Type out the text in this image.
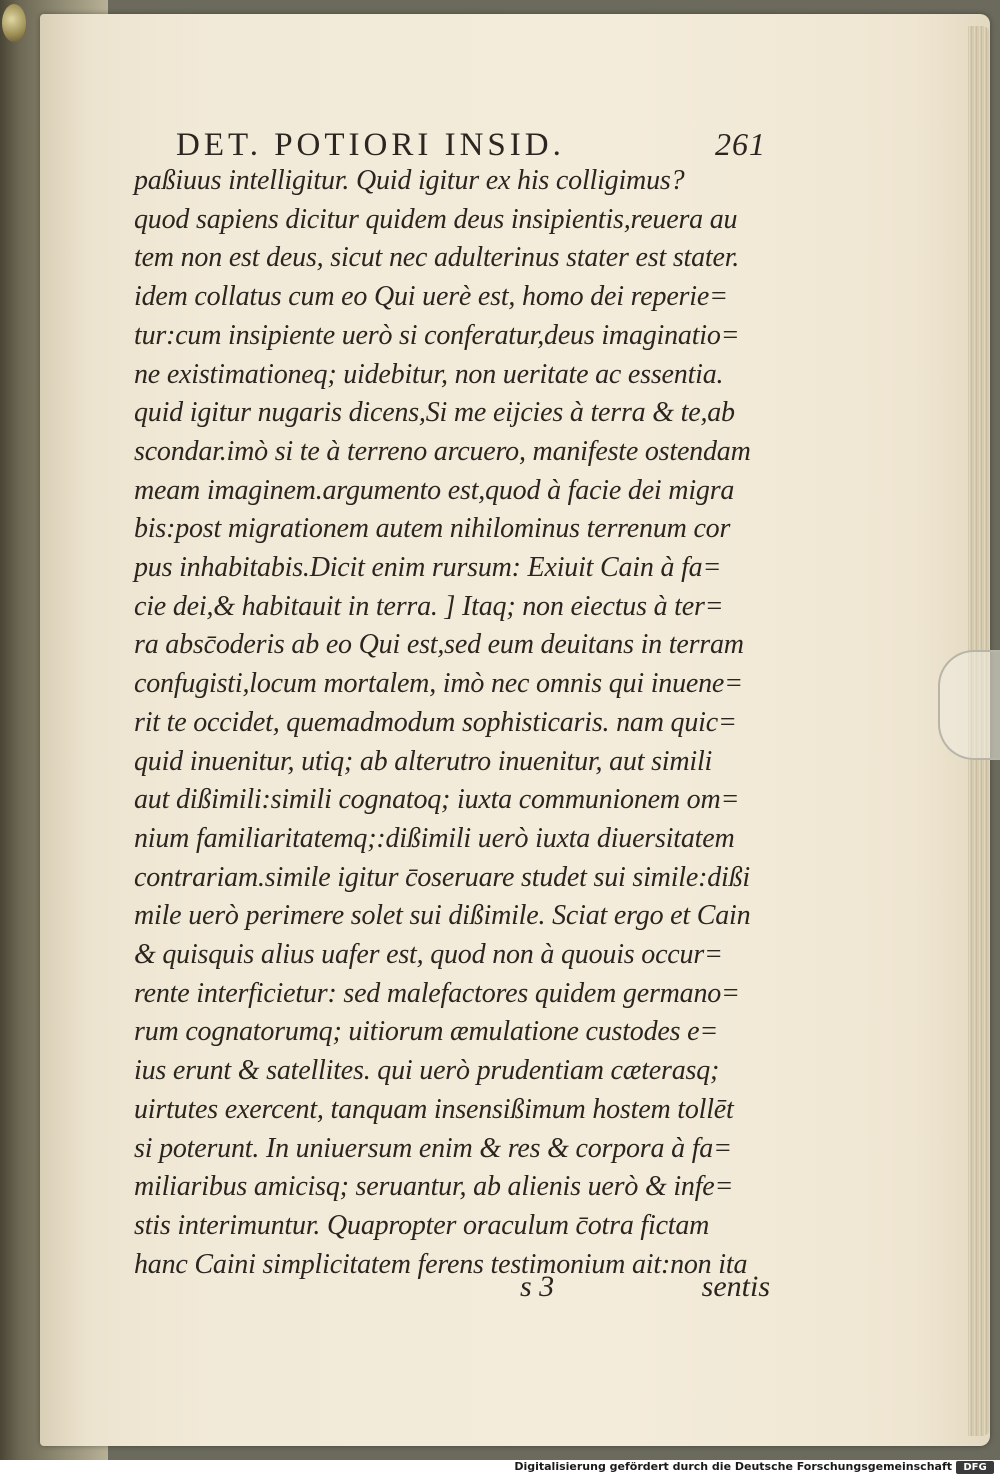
DET. POTIORI INSID.	261
paßiuus intelligitur. Quid igitur ex his colligimus?
quod sapiens dicitur quidem deus insipientis,reuera au
tem non est deus, sicut nec adulterinus stater est stater.
idem collatus cum eo Qui uerè est, homo dei reperie=
tur:cum insipiente uerò si conferatur,deus imaginatio=
ne existimationeq; uidebitur, non ueritate ac essentia.
quid igitur nugaris dicens,Si me eijcies à terra & te,ab
scondar.imò si te à terreno arcuero, manifeste ostendam
meam imaginem.argumento est,quod à facie dei migra
bis:post migrationem autem nihilominus terrenum cor
pus inhabitabis.Dicit enim rursum: Exiuit Cain à fa=
cie dei,& habitauit in terra. ] Itaq; non eiectus à ter=
ra absc̄oderis ab eo Qui est,sed eum deuitans in terram
confugisti,locum mortalem, imò nec omnis qui inuene=
rit te occidet, quemadmodum sophisticaris. nam quic=
quid inuenitur, utiq; ab alterutro inuenitur, aut simili
aut dißimili:simili cognatoq; iuxta communionem om=
nium familiaritatemq;:dißimili uerò iuxta diuersitatem
contrariam.simile igitur c̄oseruare studet sui simile:dißi
mile uerò perimere solet sui dißimile. Sciat ergo et Cain
& quisquis alius uafer est, quod non à quouis occur=
rente interficietur: sed malefactores quidem germano=
rum cognatorumq; uitiorum æmulatione custodes e=
ius erunt & satellites. qui uerò prudentiam cæterasq;
uirtutes exercent, tanquam insensißimum hostem tollēt
si poterunt. In uniuersum enim & res & corpora à fa=
miliaribus amicisq; seruantur, ab alienis uerò & infe=
stis interimuntur. Quapropter oraculum c̄otra fictam
hanc Caini simplicitatem ferens testimonium ait:non ita
s 3	sentis
Digitalisierung gefördert durch die Deutsche Forschungsgemeinschaft	DFG
